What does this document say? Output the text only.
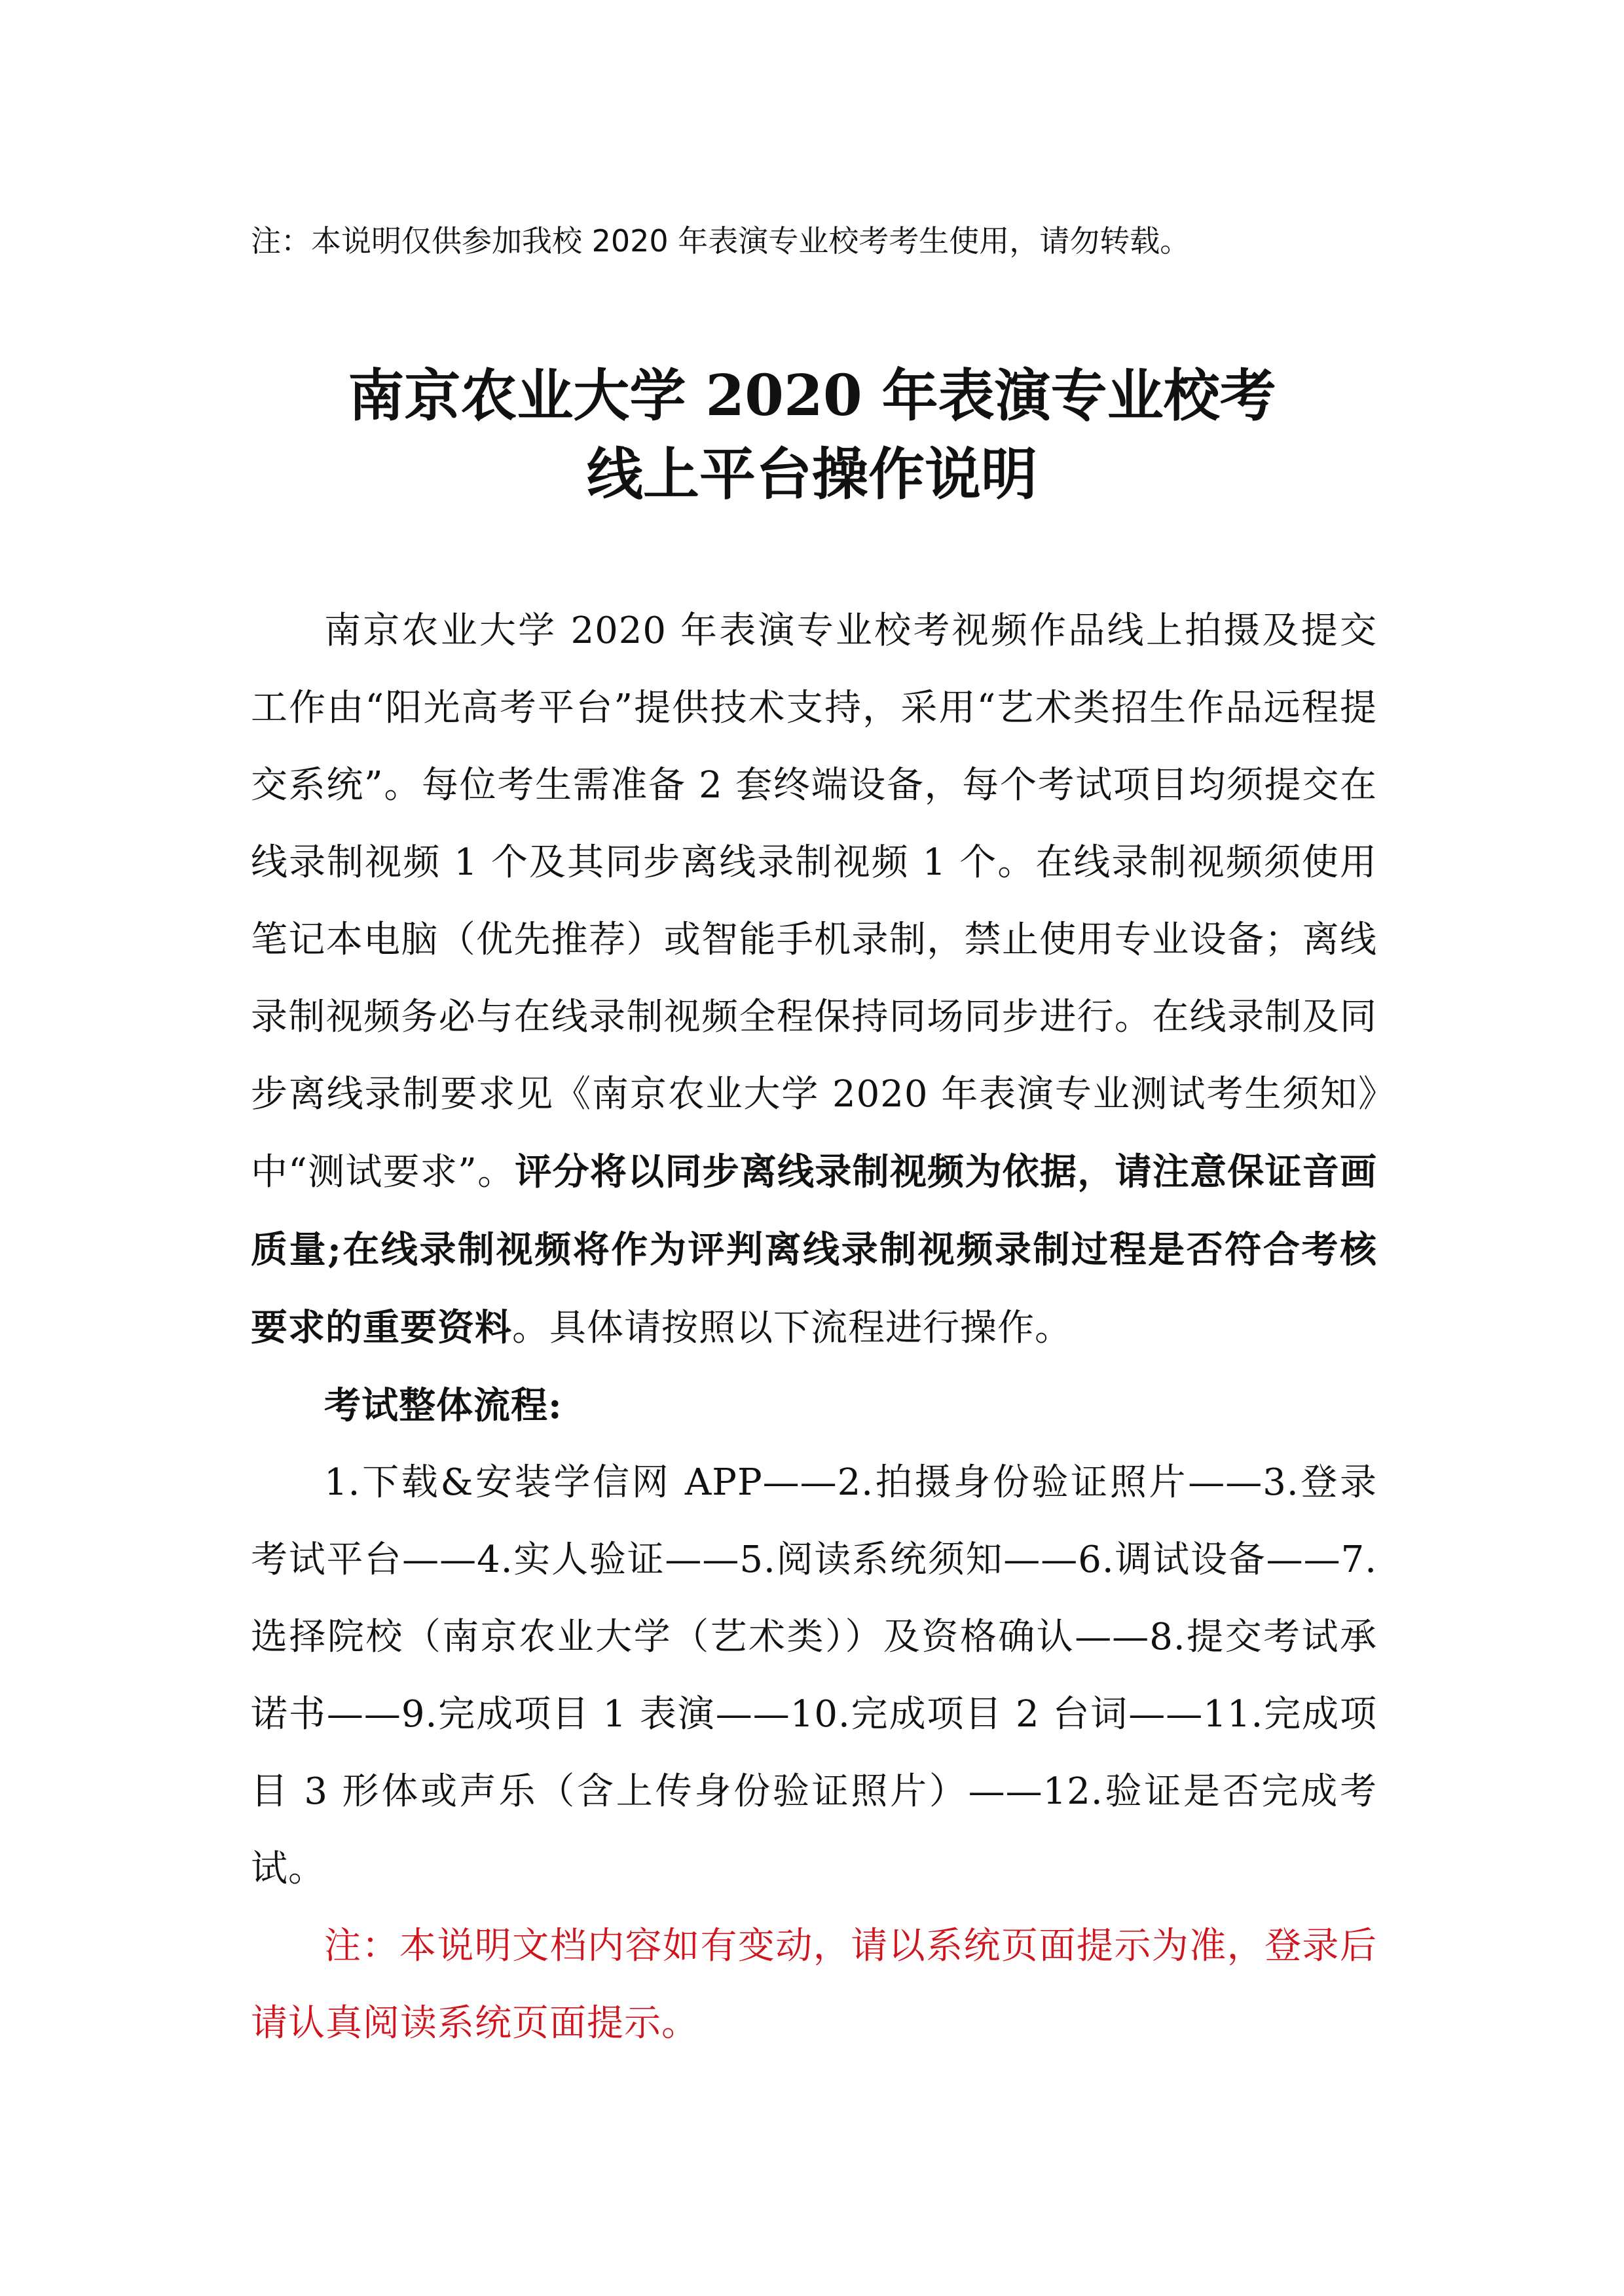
注：本说明仅供参加我校 2020 年表演专业校考考生使用，请勿转载。
南京农业大学 2020 年表演专业校考
线上平台操作说明

南京农业大学 2020 年表演专业校考视频作品线上拍摄及提交工作由“阳光高考平台”提供技术支持，采用“艺术类招生作品远程提交系统”。每位考生需准备 2 套终端设备，每个考试项目均须提交在线录制视频 1 个及其同步离线录制视频 1 个。在线录制视频须使用笔记本电脑（优先推荐）或智能手机录制，禁止使用专业设备；离线录制视频务必与在线录制视频全程保持同场同步进行。在线录制及同步离线录制要求见《南京农业大学 2020 年表演专业测试考生须知》中“测试要求”。评分将以同步离线录制视频为依据，请注意保证音画质量;在线录制视频将作为评判离线录制视频录制过程是否符合考核要求的重要资料。具体请按照以下流程进行操作。

考试整体流程:

1.下载&安装学信网 APP——2.拍摄身份验证照片——3.登录考试平台——4.实人验证——5.阅读系统须知——6.调试设备——7.选择院校（南京农业大学（艺术类））及资格确认——8.提交考试承诺书——9.完成项目 1 表演——10.完成项目 2 台词——11.完成项目 3 形体或声乐（含上传身份验证照片）——12.验证是否完成考试。

注：本说明文档内容如有变动，请以系统页面提示为准，登录后请认真阅读系统页面提示。
